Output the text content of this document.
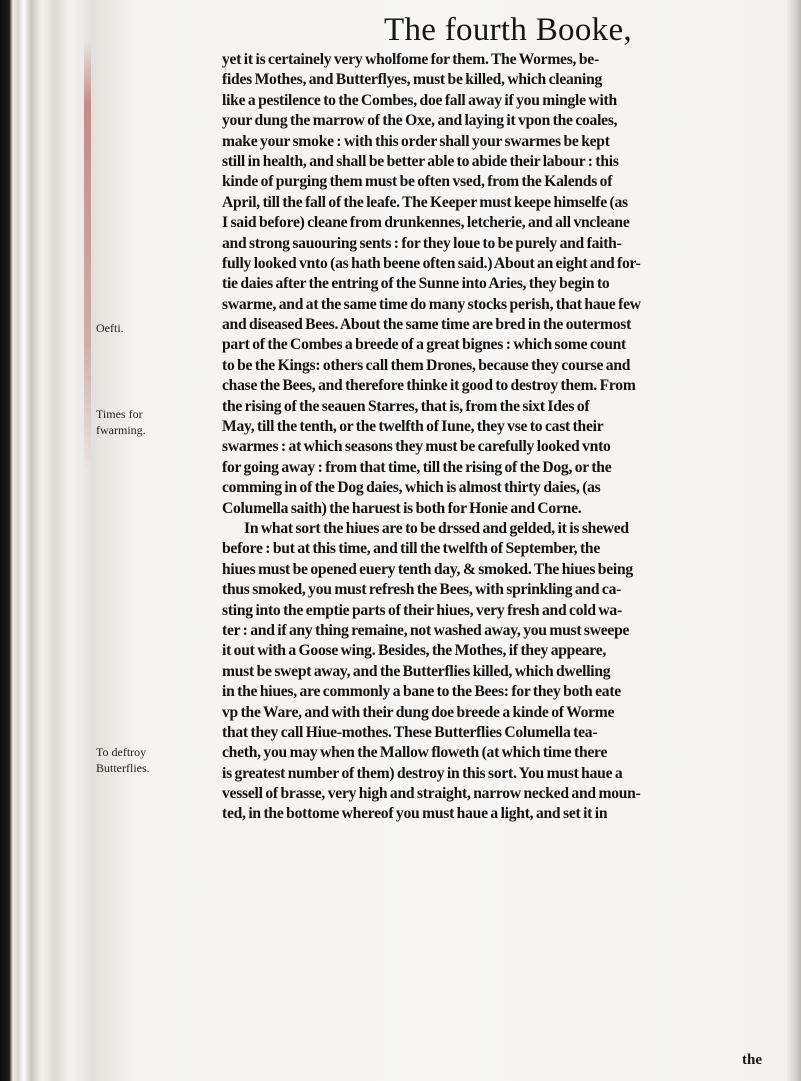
The fourth Booke,
Oefti.
Times for
fwarming.
To deftroy
Butterflies.
yet it is certainely very wholfome for them. The Wormes, be-
fides Mothes, and Butterflyes, must be killed, which cleaning
like a pestilence to the Combes, doe fall away if you mingle with
your dung the marrow of the Oxe, and laying it vpon the coales,
make your smoke : with this order shall your swarmes be kept
still in health, and shall be better able to abide their labour : this
kinde of purging them must be often vsed, from the Kalends of
April, till the fall of the leafe. The Keeper must keepe himselfe (as
I said before) cleane from drunkennes, letcherie, and all vncleane
and strong sauouring sents : for they loue to be purely and faith-
fully looked vnto (as hath beene often said.) About an eight and for-
tie daies after the entring of the Sunne into Aries, they begin to
swarme, and at the same time do many stocks perish, that haue few
and diseased Bees. About the same time are bred in the outermost
part of the Combes a breede of a great bignes : which some count
to be the Kings: others call them Drones, because they course and
chase the Bees, and therefore thinke it good to destroy them. From
the rising of the seauen Starres, that is, from the sixt Ides of
May, till the tenth, or the twelfth of Iune, they vse to cast their
swarmes : at which seasons they must be carefully looked vnto
for going away : from that time, till the rising of the Dog, or the
comming in of the Dog daies, which is almost thirty daies, (as
Columella saith) the haruest is both for Honie and Corne.
In what sort the hiues are to be drssed and gelded, it is shewed
before : but at this time, and till the twelfth of September, the
hiues must be opened euery tenth day, & smoked. The hiues being
thus smoked, you must refresh the Bees, with sprinkling and ca-
sting into the emptie parts of their hiues, very fresh and cold wa-
ter : and if any thing remaine, not washed away, you must sweepe
it out with a Goose wing. Besides, the Mothes, if they appeare,
must be swept away, and the Butterflies killed, which dwelling
in the hiues, are commonly a bane to the Bees: for they both eate
vp the Ware, and with their dung doe breede a kinde of Worme
that they call Hiue-mothes. These Butterflies Columella tea-
cheth, you may when the Mallow floweth (at which time there
is greatest number of them) destroy in this sort. You must haue a
vessell of brasse, very high and straight, narrow necked and moun-
ted, in the bottome whereof you must haue a light, and set it in
the
